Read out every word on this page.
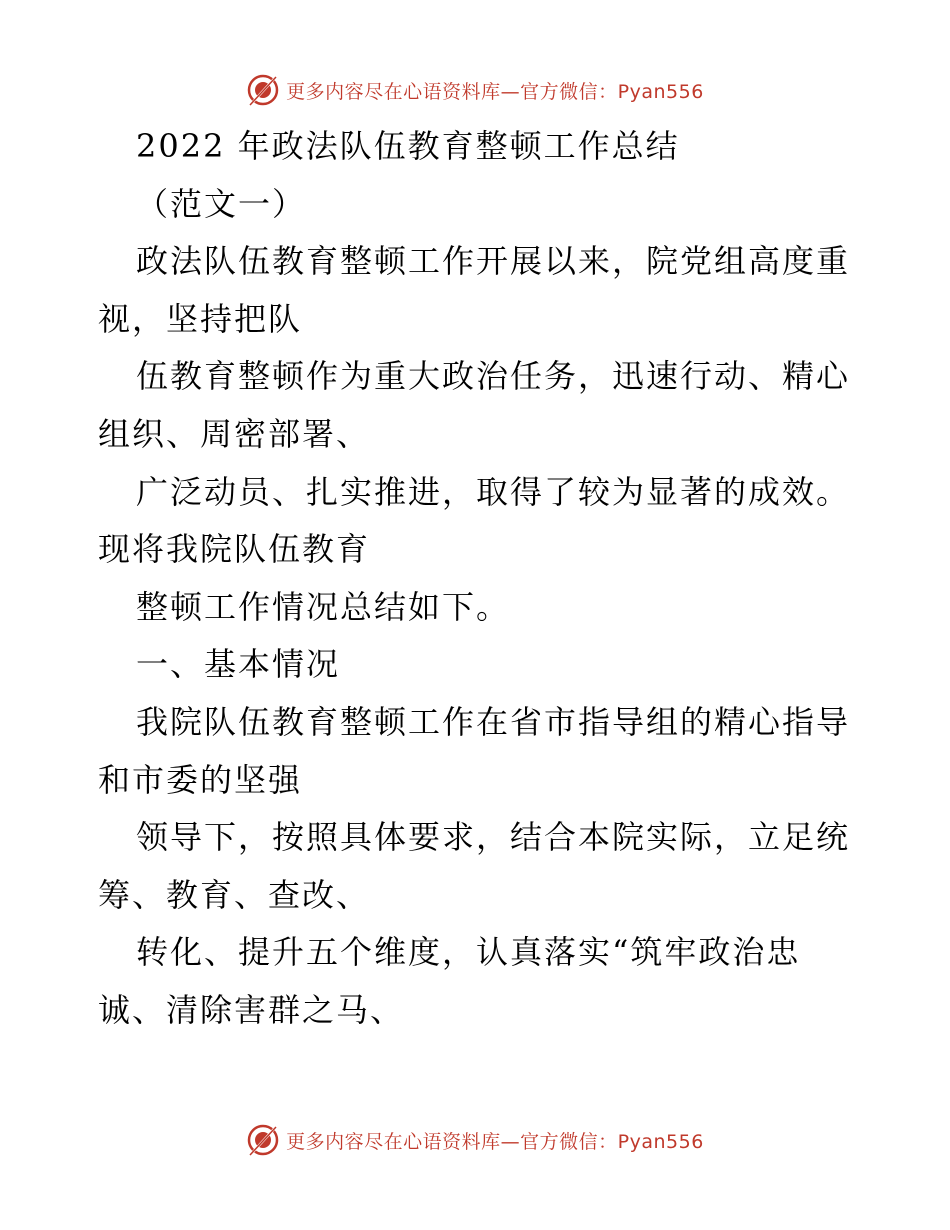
更多内容尽在心语资料库—官方微信：Pyan556
2022 年政法队伍教育整顿工作总结
（范文一）
政法队伍教育整顿工作开展以来，院党组高度重
视，坚持把队
伍教育整顿作为重大政治任务，迅速行动、精心
组织、周密部署、
广泛动员、扎实推进，取得了较为显著的成效。
现将我院队伍教育
整顿工作情况总结如下。
一、基本情况
我院队伍教育整顿工作在省市指导组的精心指导
和市委的坚强
领导下，按照具体要求，结合本院实际，立足统
筹、教育、查改、
转化、提升五个维度，认真落实“筑牢政治忠
诚、清除害群之马、
更多内容尽在心语资料库—官方微信：Pyan556
